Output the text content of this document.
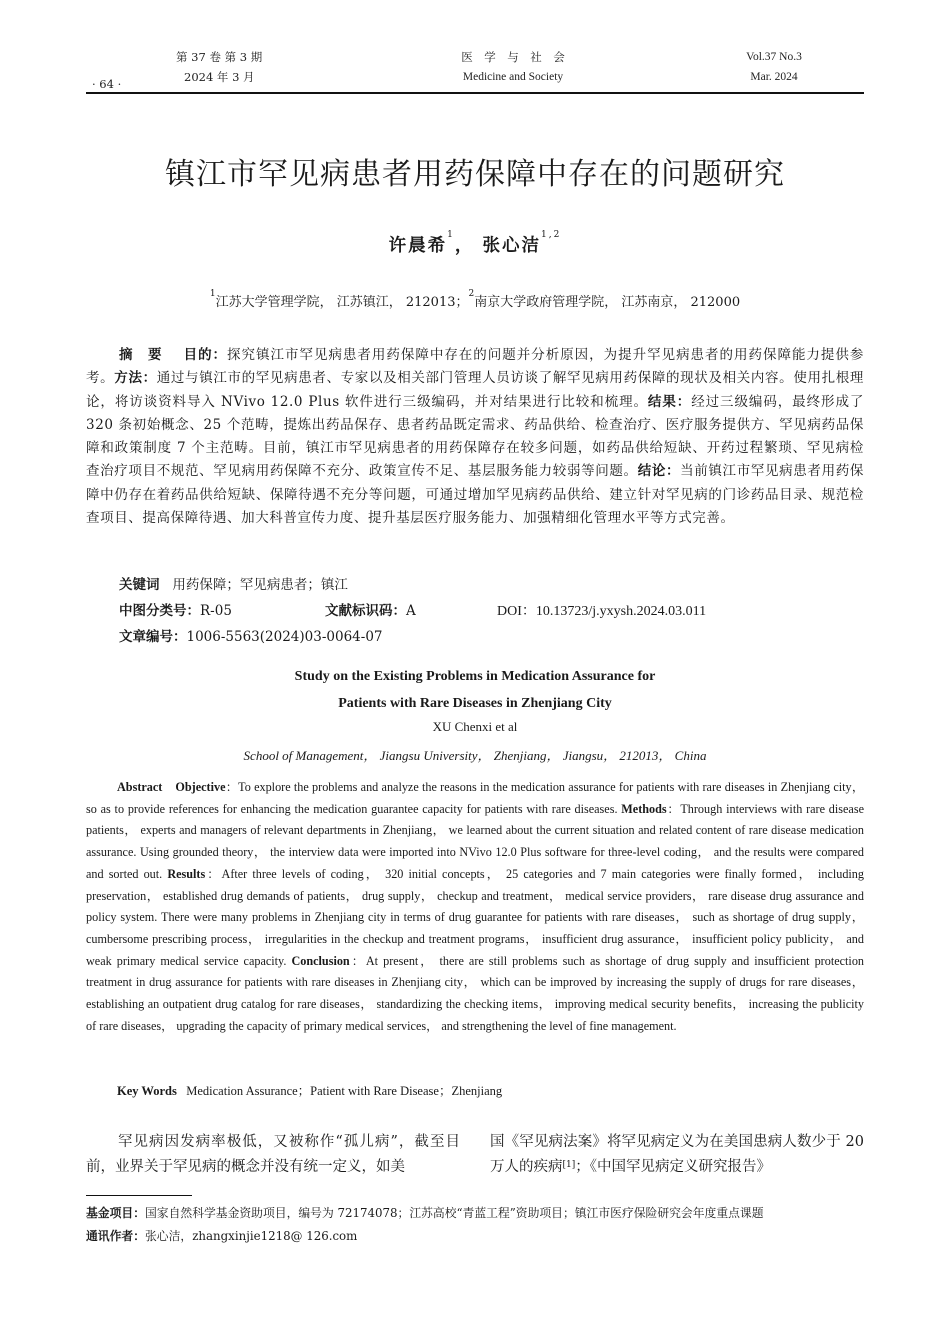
· 64 ·
第 37 卷 第 3 期
2024 年 3 月
医　学　与　社　会
Medicine and Society
Vol.37 No.3
Mar. 2024
镇江市罕见病患者用药保障中存在的问题研究
许晨希$^1$， 张心洁$^{1,2}$
$^1$江苏大学管理学院， 江苏镇江， 212013；$^2$南京大学政府管理学院， 江苏南京， 212000
摘　要 目的：探究镇江市罕见病患者用药保障中存在的问题并分析原因，为提升罕见病患者的用药保障能力提供参考。方法：通过与镇江市的罕见病患者、专家以及相关部门管理人员访谈了解罕见病用药保障的现状及相关内容。使用扎根理论，将访谈资料导入 NVivo 12.0 Plus 软件进行三级编码，并对结果进行比较和梳理。结果：经过三级编码，最终形成了 320 条初始概念、25 个范畴，提炼出药品保存、患者药品既定需求、药品供给、检查治疗、医疗服务提供方、罕见病药品保障和政策制度 7 个主范畴。目前，镇江市罕见病患者的用药保障存在较多问题，如药品供给短缺、开药过程繁琐、罕见病检查治疗项目不规范、罕见病用药保障不充分、政策宣传不足、基层服务能力较弱等问题。结论：当前镇江市罕见病患者用药保障中仍存在着药品供给短缺、保障待遇不充分等问题，可通过增加罕见病药品供给、建立针对罕见病的门诊药品目录、规范检查项目、提高保障待遇、加大科普宣传力度、提升基层医疗服务能力、加强精细化管理水平等方式完善。
关键词 用药保障；罕见病患者；镇江
中图分类号：R-05	文献标识码：A	DOI：10.13723/j.yxysh.2024.03.011
文章编号：1006-5563(2024)03-0064-07
Study on the Existing Problems in Medication Assurance for
Patients with Rare Diseases in Zhenjiang City
XU Chenxi et al
School of Management， Jiangsu University， Zhenjiang， Jiangsu， 212013， China
Abstract Objective：To explore the problems and analyze the reasons in the medication assurance for patients with rare diseases in Zhenjiang city， so as to provide references for enhancing the medication guarantee capacity for patients with rare diseases. Methods：Through interviews with rare disease patients， experts and managers of relevant departments in Zhenjiang， we learned about the current situation and related content of rare disease medication assurance. Using grounded theory， the interview data were imported into NVivo 12.0 Plus software for three-level coding， and the results were compared and sorted out. Results：After three levels of coding， 320 initial concepts， 25 categories and 7 main categories were finally formed， including preservation， established drug demands of patients， drug supply， checkup and treatment， medical service providers， rare disease drug assurance and policy system. There were many problems in Zhenjiang city in terms of drug guarantee for patients with rare diseases， such as shortage of drug supply， cumbersome prescribing process， irregularities in the checkup and treatment programs， insufficient drug assurance， insufficient policy publicity， and weak primary medical service capacity. Conclusion：At present， there are still problems such as shortage of drug supply and insufficient protection treatment in drug assurance for patients with rare diseases in Zhenjiang city， which can be improved by increasing the supply of drugs for rare diseases， establishing an outpatient drug catalog for rare diseases， standardizing the checking items， improving medical security benefits， increasing the publicity of rare diseases， upgrading the capacity of primary medical services， and strengthening the level of fine management.
Key Words Medication Assurance；Patient with Rare Disease；Zhenjiang
罕见病因发病率极低，又被称作“孤儿病”，截至目前，业界关于罕见病的概念并没有统一定义，如美
国《罕见病法案》将罕见病定义为在美国患病人数少于 20 万人的疾病[1]；《中国罕见病定义研究报告》
基金项目：国家自然科学基金资助项目，编号为 72174078；江苏高校“青蓝工程”资助项目；镇江市医疗保险研究会年度重点课题
通讯作者：张心洁，zhangxinjie1218@ 126.com
